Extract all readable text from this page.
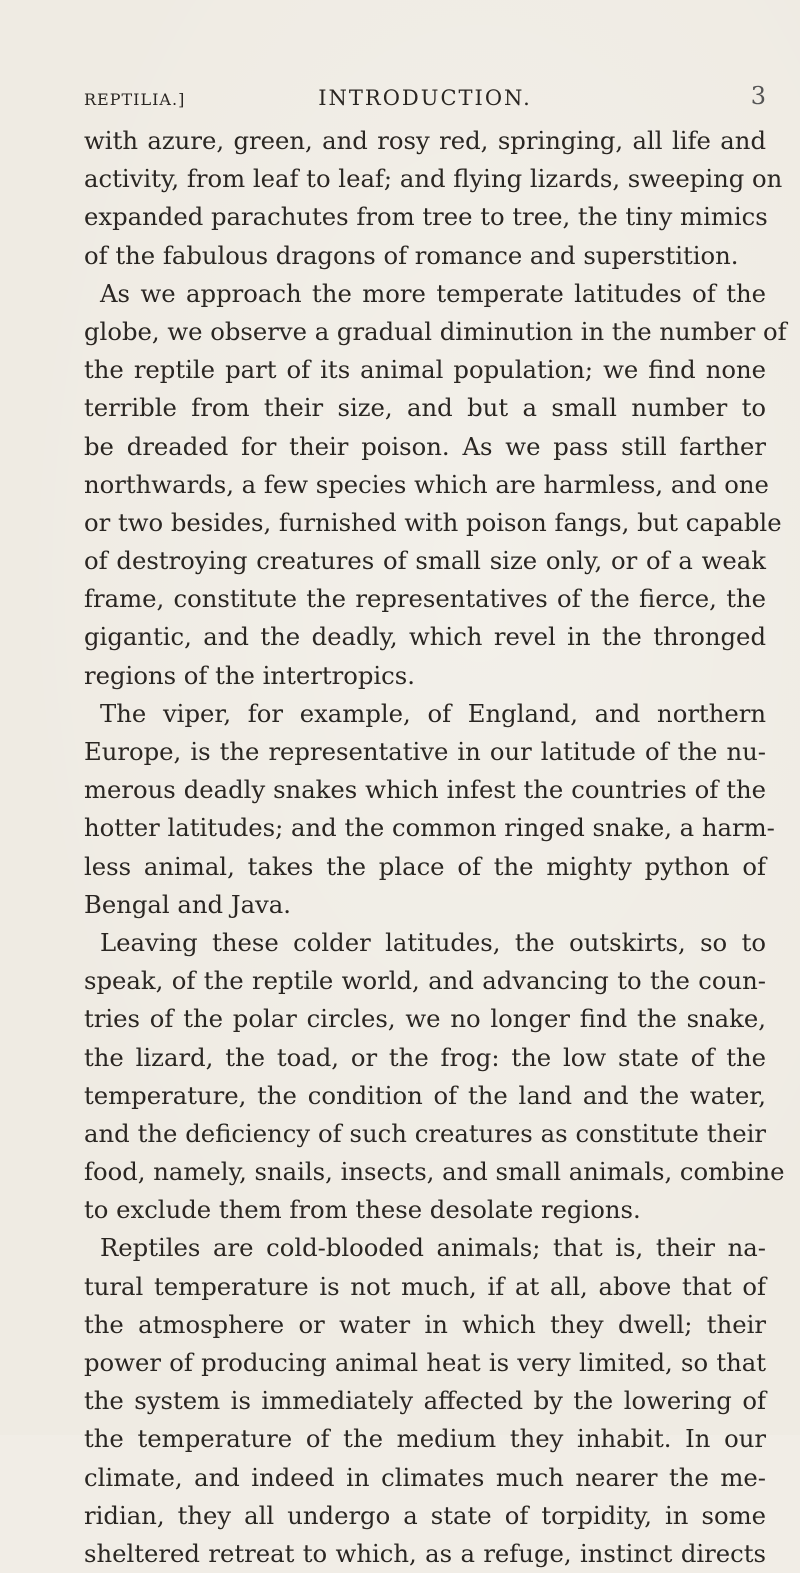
REPTILIA.]	INTRODUCTION.	3
with azure, green, and rosy red, springing, all life and
activity, from leaf to leaf; and flying lizards, sweeping on
expanded parachutes from tree to tree, the tiny mimics
of the fabulous dragons of romance and superstition.
As we approach the more temperate latitudes of the
globe, we observe a gradual diminution in the number of
the reptile part of its animal population; we find none
terrible from their size, and but a small number to
be dreaded for their poison. As we pass still farther
northwards, a few species which are harmless, and one
or two besides, furnished with poison fangs, but capable
of destroying creatures of small size only, or of a weak
frame, constitute the representatives of the fierce, the
gigantic, and the deadly, which revel in the thronged
regions of the intertropics.
The viper, for example, of England, and northern
Europe, is the representative in our latitude of the nu-
merous deadly snakes which infest the countries of the
hotter latitudes; and the common ringed snake, a harm-
less animal, takes the place of the mighty python of
Bengal and Java.
Leaving these colder latitudes, the outskirts, so to
speak, of the reptile world, and advancing to the coun-
tries of the polar circles, we no longer find the snake,
the lizard, the toad, or the frog: the low state of the
temperature, the condition of the land and the water,
and the deficiency of such creatures as constitute their
food, namely, snails, insects, and small animals, combine
to exclude them from these desolate regions.
Reptiles are cold-blooded animals; that is, their na-
tural temperature is not much, if at all, above that of
the atmosphere or water in which they dwell; their
power of producing animal heat is very limited, so that
the system is immediately affected by the lowering of
the temperature of the medium they inhabit. In our
climate, and indeed in climates much nearer the me-
ridian, they all undergo a state of torpidity, in some
sheltered retreat to which, as a refuge, instinct directs
